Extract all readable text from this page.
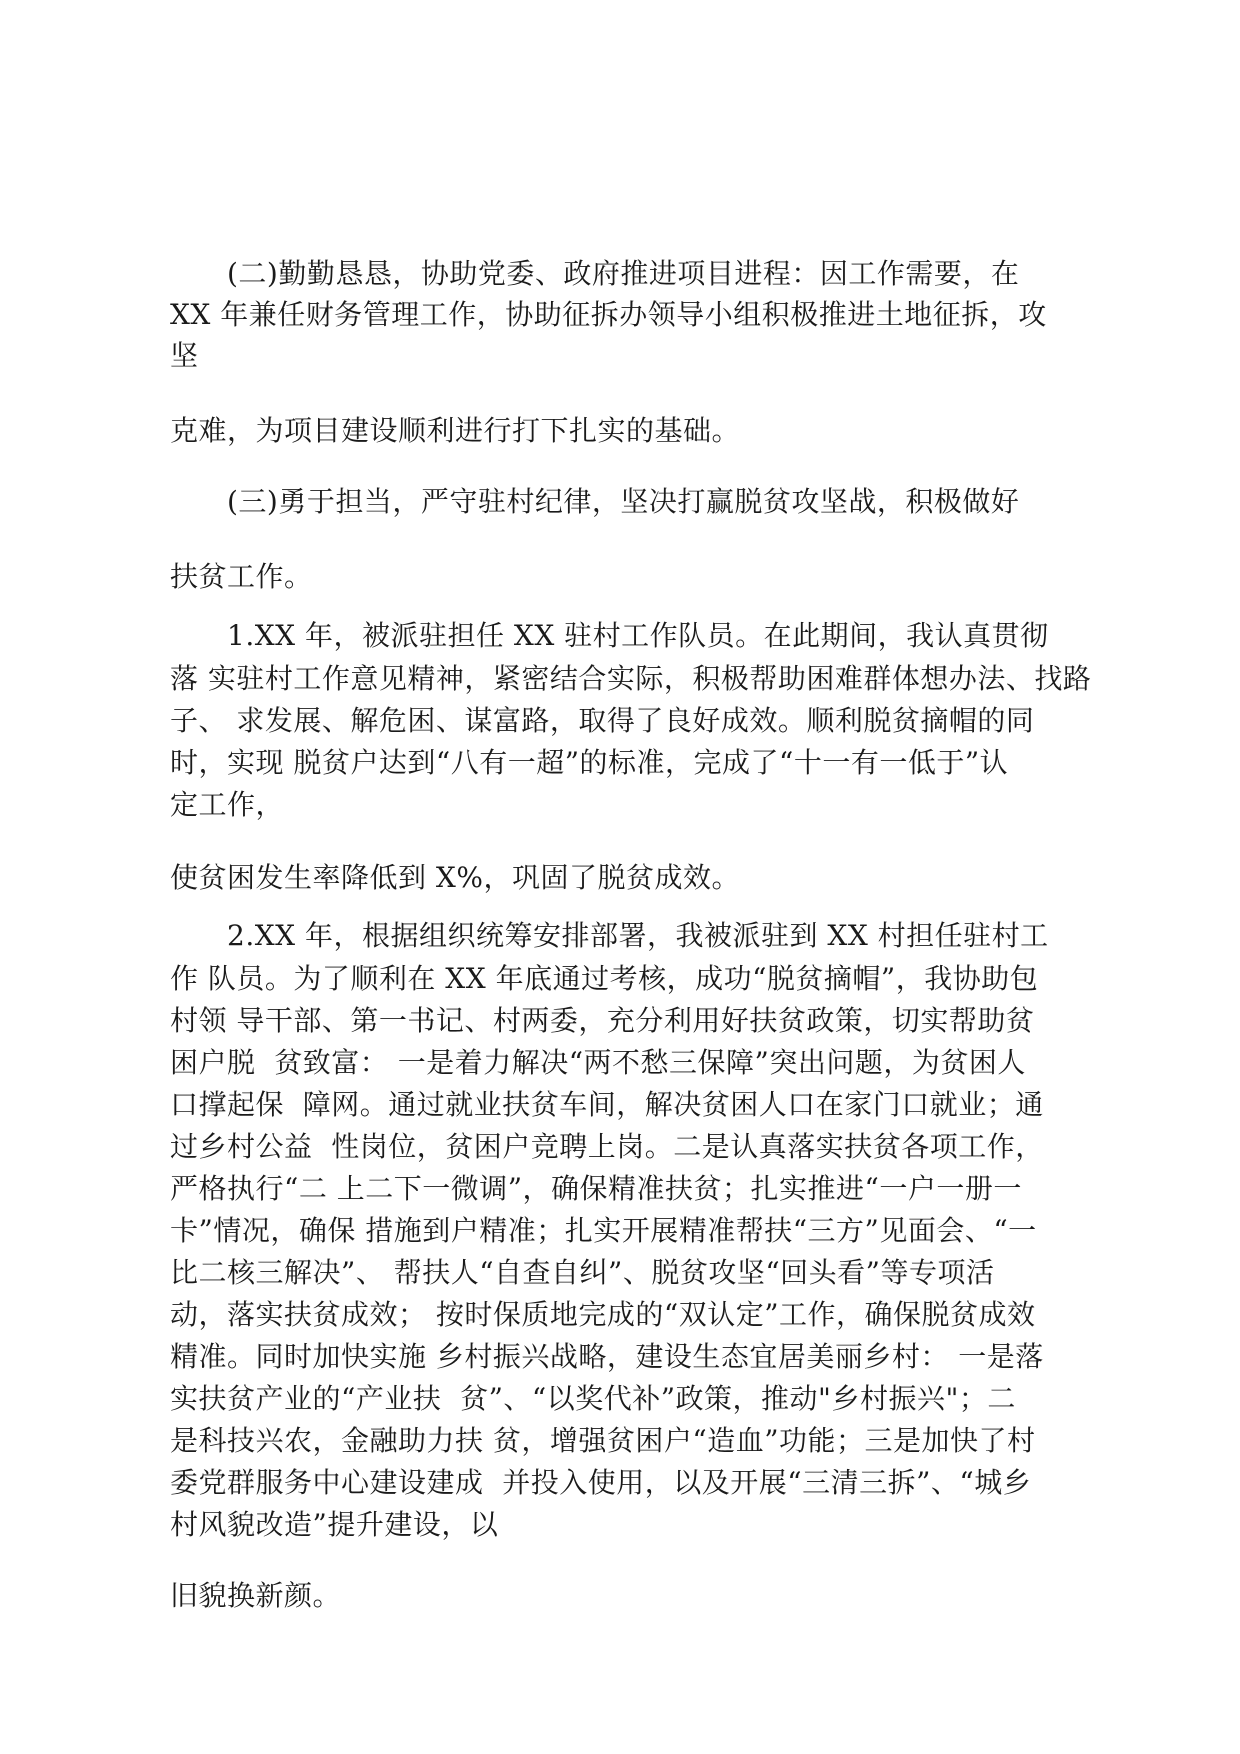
　　(二)勤勤恳恳，协助党委、政府推进项目进程：因工作需要，在

XX 年兼任财务管理工作，协助征拆办领导小组积极推进土地征拆，攻

坚

克难，为项目建设顺利进行打下扎实的基础。

　　(三)勇于担当，严守驻村纪律，坚决打赢脱贫攻坚战，积极做好

扶贫工作。

　　1.XX 年，被派驻担任 XX 驻村工作队员。在此期间，我认真贯彻

落 实驻村工作意见精神，紧密结合实际，积极帮助困难群体想办法、找路

子、 求发展、解危困、谋富路，取得了良好成效。顺利脱贫摘帽的同

时，实现 脱贫户达到“八有一超”的标准，完成了“十一有一低于”认

定工作，

使贫困发生率降低到 X%，巩固了脱贫成效。

　　2.XX 年，根据组织统筹安排部署，我被派驻到 XX 村担任驻村工

作 队员。为了顺利在 XX 年底通过考核，成功“脱贫摘帽”，我协助包

村领 导干部、第一书记、村两委，充分利用好扶贫政策，切实帮助贫

困户脱  贫致富： 一是着力解决“两不愁三保障”突出问题，为贫困人

口撑起保  障网。通过就业扶贫车间，解决贫困人口在家门口就业；通

过乡村公益  性岗位，贫困户竞聘上岗。二是认真落实扶贫各项工作，

严格执行“二 上二下一微调”，确保精准扶贫；扎实推进“一户一册一

卡”情况，确保 措施到户精准；扎实开展精准帮扶“三方”见面会、“一

比二核三解决”、 帮扶人“自查自纠”、脱贫攻坚“回头看”等专项活

动，落实扶贫成效； 按时保质地完成的“双认定”工作，确保脱贫成效

精准。同时加快实施 乡村振兴战略，建设生态宜居美丽乡村： 一是落

实扶贫产业的“产业扶  贫”、“以奖代补”政策，推动"乡村振兴"；二

是科技兴农，金融助力扶 贫，增强贫困户“造血”功能；三是加快了村

委党群服务中心建设建成  并投入使用，以及开展“三清三拆”、“城乡

村风貌改造”提升建设，以

旧貌换新颜。
